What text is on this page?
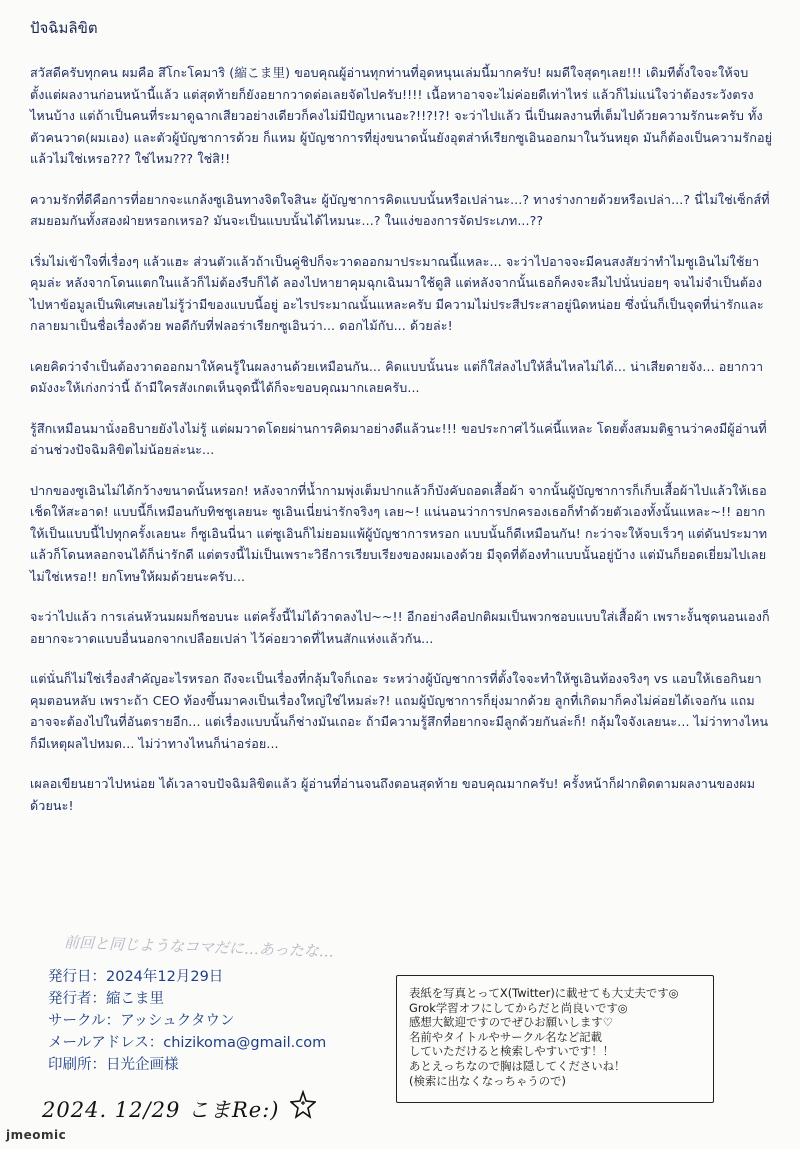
ปัจฉิมลิขิต

สวัสดีครับทุกคน ผมคือ สึโกะโคมาริ (縮こま里) ขอบคุณผู้อ่านทุกท่านที่อุดหนุนเล่มนี้มากครับ! ผมดีใจสุดๆเลย!!! เดิมทีตั้งใจจะให้จบตั้งแต่ผลงานก่อนหน้านี้แล้ว แต่สุดท้ายก็ยังอยากวาดต่อเลยจัดไปครับ!!!! เนื้อหาอาจจะไม่ค่อยดีเท่าไหร่ แล้วก็ไม่แน่ใจว่าต้องระวังตรงไหนบ้าง แต่ถ้าเป็นคนที่ระมาดูฉากเสียวอย่างเดียวก็คงไม่มีปัญหาเนอะ?!!?!?! จะว่าไปแล้ว นี่เป็นผลงานที่เต็มไปด้วยความรักนะครับ ทั้งตัวคนวาด(ผมเอง) และตัวผู้บัญชาการด้วย ก็แหม ผู้บัญชาการที่ยุ่งขนาดนั้นยังอุตส่าห์เรียกซูเอินออกมาในวันหยุด มันก็ต้องเป็นความรักอยู่แล้วไม่ใช่เหรอ??? ใช่ไหม??? ใช่สิ!!

ความรักที่ดีคือการที่อยากจะแกล้งซูเอินทางจิตใจสินะ ผู้บัญชาการคิดแบบนั้นหรือเปล่านะ...? ทางร่างกายด้วยหรือเปล่า...? นี่ไม่ใช่เซ็กส์ที่สมยอมกันทั้งสองฝ่ายหรอกเหรอ? มันจะเป็นแบบนั้นได้ไหมนะ...? ในแง่ของการจัดประเภท...??

เริ่มไม่เข้าใจที่เรื่องๆ แล้วแฮะ ส่วนตัวแล้วถ้าเป็นคู่ชิปก็จะวาดออกมาประมาณนี้แหละ... จะว่าไปอาจจะมีคนสงสัยว่าทำไมซูเอินไม่ใช้ยาคุมล่ะ หลังจากโดนแตกในแล้วก็ไม่ต้องรีบก็ได้ ลองไปหายาคุมฉุกเฉินมาใช้ดูสิ แต่หลังจากนั้นเธอก็คงจะลืมไปนั่นบ่อยๆ จนไม่จำเป็นต้องไปหาข้อมูลเป็นพิเศษเลยไม่รู้ว่ามีของแบบนี้อยู่ อะไรประมาณนั้นแหละครับ มีความไม่ประสีประสาอยู่นิดหน่อย ซึ่งนั่นก็เป็นจุดที่น่ารักและกลายมาเป็นชื่อเรื่องด้วย พอดีกับที่ฟลอร่าเรียกซูเอินว่า... ดอกไม้กับ... ด้วยล่ะ!

เคยคิดว่าจำเป็นต้องวาดออกมาให้คนรู้ในผลงานด้วยเหมือนกัน... คิดแบบนั้นนะ แต่ก็ใส่ลงไปให้ลื่นไหลไม่ได้... น่าเสียดายจัง... อยากวาดมังงะให้เก่งกว่านี้ ถ้ามีใครสังเกตเห็นจุดนี้ได้ก็จะขอบคุณมากเลยครับ...

รู้สึกเหมือนมานั่งอธิบายยังไงไม่รู้ แต่ผมวาดโดยผ่านการคิดมาอย่างดีแล้วนะ!!! ขอประกาศไว้แค่นี้แหละ โดยตั้งสมมติฐานว่าคงมีผู้อ่านที่อ่านช่วงปัจฉิมลิขิตไม่น้อยล่ะนะ...

ปากของซูเอินไม่ได้กว้างขนาดนั้นหรอก! หลังจากที่น้ำกามพุ่งเต็มปากแล้วก็บังคับถอดเสื้อผ้า จากนั้นผู้บัญชาการก็เก็บเสื้อผ้าไปแล้วให้เธอเช็ดให้สะอาด! แบบนี้ก็เหมือนกับทิชชูเลยนะ ซูเอินเนี่ยน่ารักจริงๆ เลย~! แน่นอนว่าการปกครองเธอก็ทำด้วยตัวเองทั้งนั้นแหละ~!! อยากให้เป็นแบบนี้ไปทุกครั้งเลยนะ ก็ซูเอินนี่นา แต่ซูเอินก็ไม่ยอมแพ้ผู้บัญชาการหรอก แบบนั้นก็ดีเหมือนกัน! กะว่าจะให้จบเร็วๆ แต่ดันประมาทแล้วก็โดนหลอกจนได้ก็น่ารักดี แต่ตรงนี้ไม่เป็นเพราะวิธีการเรียบเรียงของผมเองด้วย มีจุดที่ต้องทำแบบนั้นอยู่บ้าง แต่มันก็ยอดเยี่ยมไปเลยไม่ใช่เหรอ!! ยกโทษให้ผมด้วยนะครับ...

จะว่าไปแล้ว การเล่นหัวนมผมก็ชอบนะ แต่ครั้งนี้ไม่ได้วาดลงไป~~!! อีกอย่างคือปกติผมเป็นพวกชอบแบบใส่เสื้อผ้า เพราะงั้นชุดนอนเองก็อยากจะวาดแบบอื่นนอกจากเปลือยเปล่า ไว้ค่อยวาดที่ไหนสักแห่งแล้วกัน...

แต่นั่นก็ไม่ใช่เรื่องสำคัญอะไรหรอก ถึงจะเป็นเรื่องที่กลุ้มใจก็เถอะ ระหว่างผู้บัญชาการที่ตั้งใจจะทำให้ซูเอินท้องจริงๆ vs แอบให้เธอกินยาคุมตอนหลับ เพราะถ้า CEO ท้องขึ้นมาคงเป็นเรื่องใหญ่ใช่ไหมล่ะ?! แถมผู้บัญชาการก็ยุ่งมากด้วย ลูกที่เกิดมาก็คงไม่ค่อยได้เจอกัน แถมอาจจะต้องไปในที่อันตรายอีก... แต่เรื่องแบบนั้นก็ช่างมันเถอะ ถ้ามีความรู้สึกที่อยากจะมีลูกด้วยกันล่ะก็! กลุ้มใจจังเลยนะ... ไม่ว่าทางไหนก็มีเหตุผลไปหมด... ไม่ว่าทางไหนก็น่าอร่อย...

เผลอเขียนยาวไปหน่อย ได้เวลาจบปัจฉิมลิขิตแล้ว ผู้อ่านที่อ่านจนถึงตอนสุดท้าย ขอบคุณมากครับ! ครั้งหน้าก็ฝากติดตามผลงานของผมด้วยนะ!

前回と同じようなコマだに…あったな…
発行日：2024年12月29日
発行者：縮こま里
サークル：アッシュクタウン
メールアドレス：chizikoma@gmail.com
印刷所：日光企画様
2024. 12/29 こまRe:)
表紙を写真とってX(Twitter)に載せても大丈夫です◎
Grok学習オフにしてからだと尚良いです◎
感想大歓迎ですのでぜひお願いします♡
名前やタイトルやサークル名など記載
していただけると検索しやすいです！！
あとえっちなので胸は隠してくださいね！
(検索に出なくなっちゃうので)
jmeomic
